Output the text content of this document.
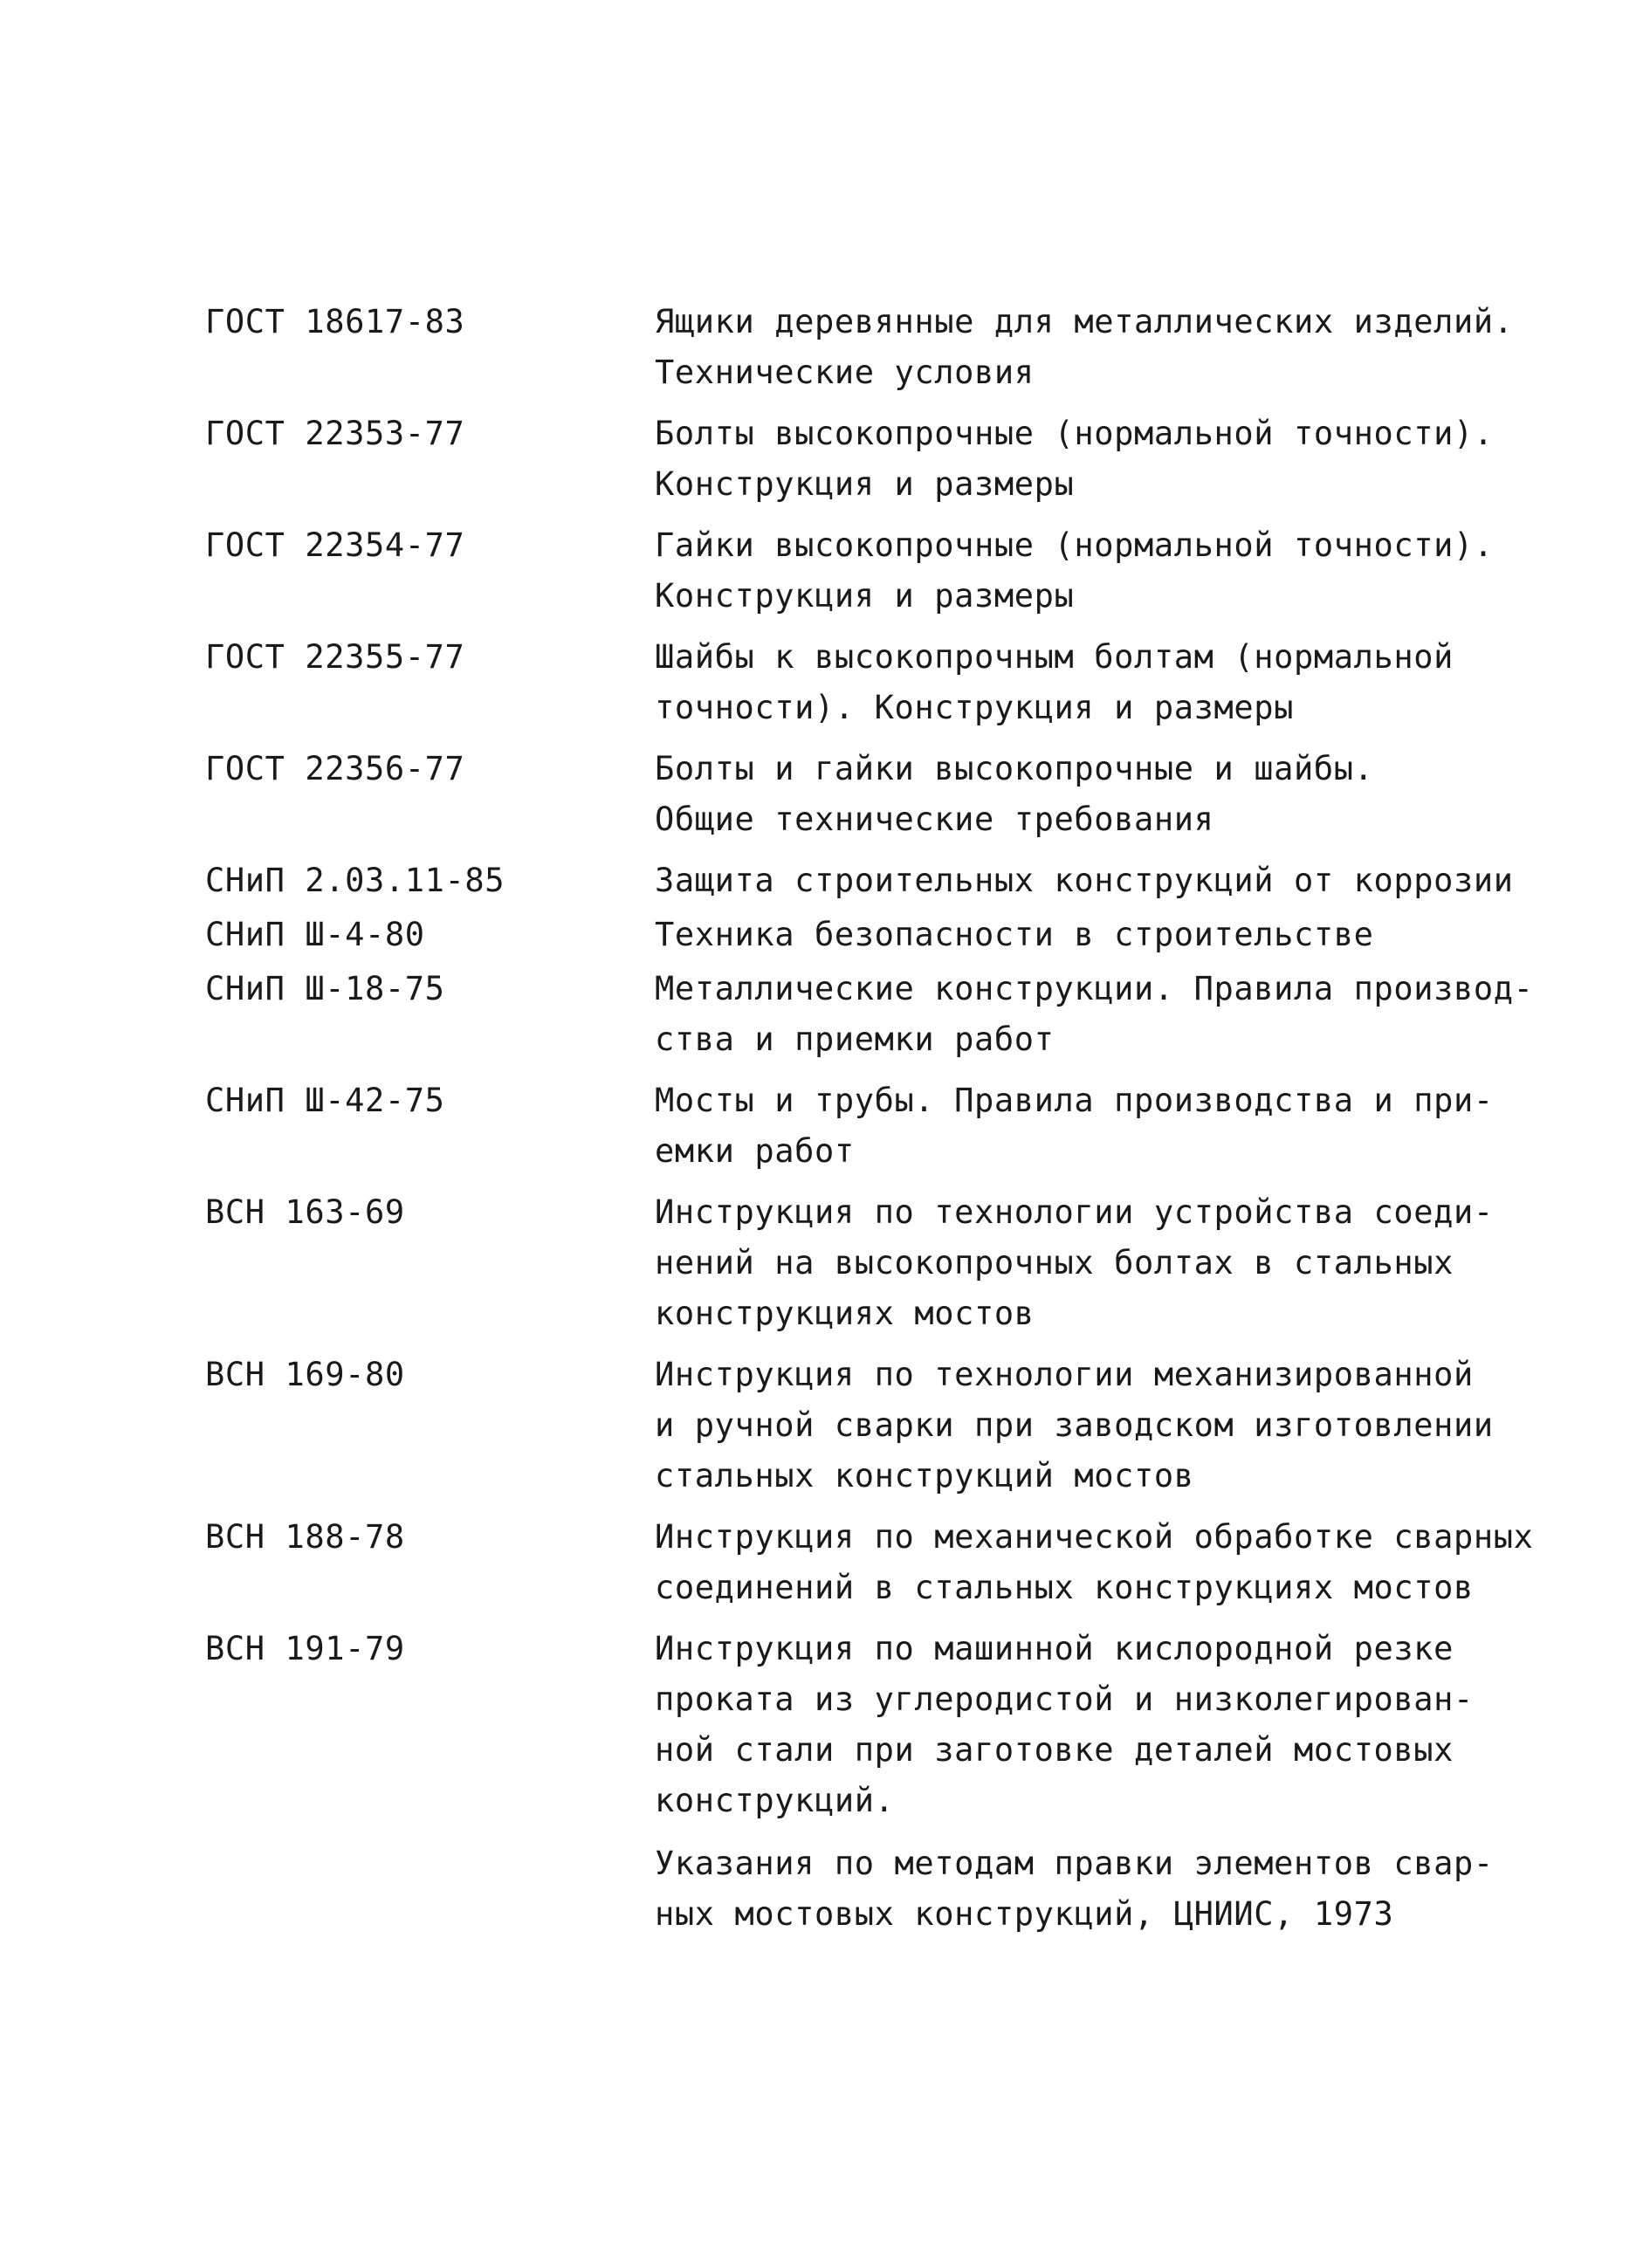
ГОСТ 18617-83	Ящики деревянные для металлических изделий.
Технические условия
ГОСТ 22353-77	Болты высокопрочные (нормальной точности).
Конструкция и размеры
ГОСТ 22354-77	Гайки высокопрочные (нормальной точности).
Конструкция и размеры
ГОСТ 22355-77	Шайбы к высокопрочным болтам (нормальной
точности). Конструкция и размеры
ГОСТ 22356-77	Болты и гайки высокопрочные и шайбы.
Общие технические требования
СНиП 2.03.11-85	Защита строительных конструкций от коррозии
СНиП Ш-4-80	Техника безопасности в строительстве
СНиП Ш-18-75	Металлические конструкции. Правила производ-
ства и приемки работ
СНиП Ш-42-75	Мосты и трубы. Правила производства и при-
емки работ
ВСН 163-69	Инструкция по технологии устройства соеди-
нений на высокопрочных болтах в стальных
конструкциях мостов
ВСН 169-80	Инструкция по технологии механизированной
и ручной сварки при заводском изготовлении
стальных конструкций мостов
ВСН 188-78	Инструкция по механической обработке сварных
соединений в стальных конструкциях мостов
ВСН 191-79	Инструкция по машинной кислородной резке
проката из углеродистой и низколегирован-
ной стали при заготовке деталей мостовых
конструкций.
Указания по методам правки элементов свар-
ных мостовых конструкций, ЦНИИС, 1973
